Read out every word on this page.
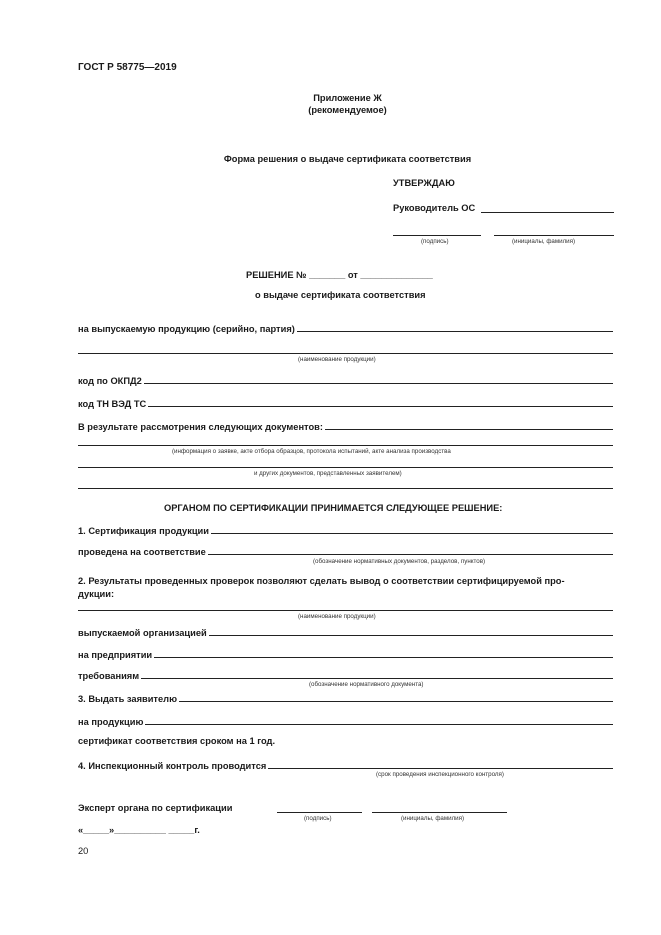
ГОСТ Р 58775—2019
Приложение Ж
(рекомендуемое)
Форма решения о выдаче сертификата соответствия
УТВЕРЖДАЮ
Руководитель ОС
(подпись)	(инициалы, фамилия)
РЕШЕНИЕ № _______ от ______________
о выдаче сертификата соответствия
на выпускаемую продукцию (серийно, партия)
(наименование продукции)
код по ОКПД2
код ТН ВЭД ТС
В результате рассмотрения следующих документов:
(информация о заявке, акте отбора образцов, протокола испытаний, акте анализа производства
и других документов, представленных заявителем)
ОРГАНОМ ПО СЕРТИФИКАЦИИ ПРИНИМАЕТСЯ СЛЕДУЮЩЕЕ РЕШЕНИЕ:
1. Сертификация продукции
проведена на соответствие
(обозначение нормативных документов, разделов, пунктов)
2. Результаты проведенных проверок позволяют сделать вывод о соответствии сертифицируемой про-
дукции:
(наименование продукции)
выпускаемой организацией
на предприятии
требованиям
(обозначение нормативного документа)
3. Выдать заявителю
на продукцию
сертификат соответствия сроком на 1 год.
4. Инспекционный контроль проводится
(срок проведения инспекционного контроля)
Эксперт органа по сертификации
(подпись)	(инициалы, фамилия)
«_____»__________ _____г.
20
